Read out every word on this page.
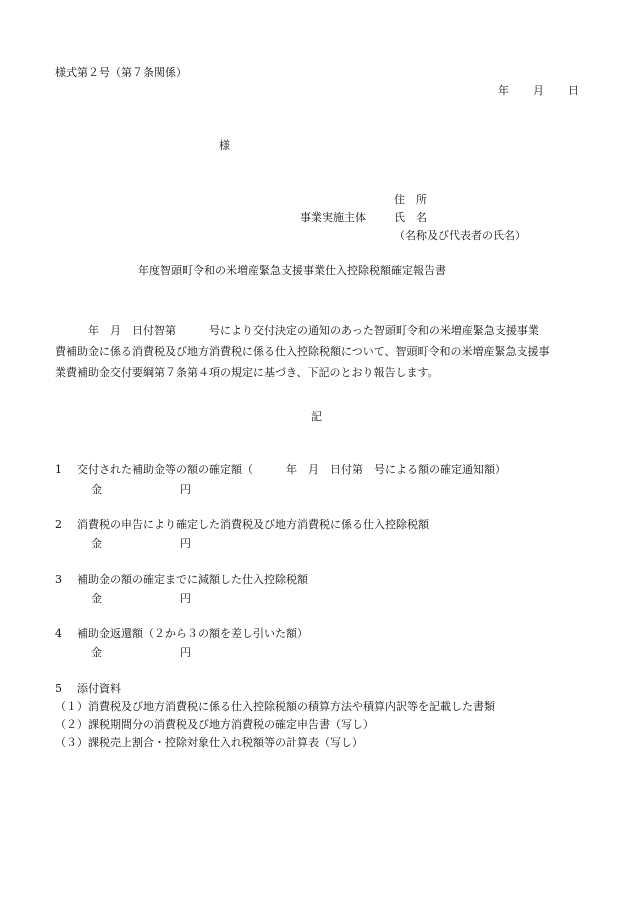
様式第２号（第７条関係）
年 月 日
様
住　所
事業実施主体	氏　名
（名称及び代表者の氏名）
年度智頭町令和の米増産緊急支援事業仕入控除税額確定報告書
　　　年　月　日付智第　　　号により交付決定の通知のあった智頭町令和の米増産緊急支援事業
費補助金に係る消費税及び地方消費税に係る仕入控除税額について、智頭町令和の米増産緊急支援事
業費補助金交付要綱第７条第４項の規定に基づき、下記のとおり報告します。
記
1 交付された補助金等の額の確定額（　　　年　月　日付第　号による額の確定通知額）
金	円
2 消費税の申告により確定した消費税及び地方消費税に係る仕入控除税額
金	円
3 補助金の額の確定までに減額した仕入控除税額
金	円
4 補助金返還額（２から３の額を差し引いた額）
金	円
5 添付資料
（１）消費税及び地方消費税に係る仕入控除税額の積算方法や積算内訳等を記載した書類
（２）課税期間分の消費税及び地方消費税の確定申告書（写し）
（３）課税売上割合・控除対象仕入れ税額等の計算表（写し）
